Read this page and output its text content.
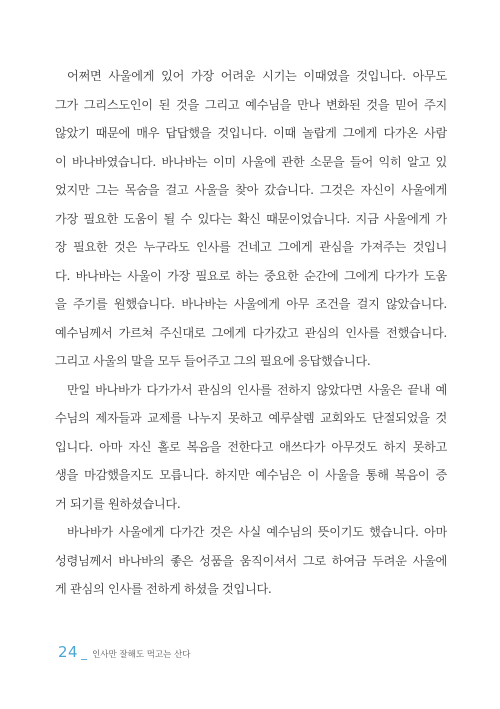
어쩌면 사울에게 있어 가장 어려운 시기는 이때였을 것입니다. 아무도
그가 그리스도인이 된 것을 그리고 예수님을 만나 변화된 것을 믿어 주지
않았기 때문에 매우 답답했을 것입니다. 이때 놀랍게 그에게 다가온 사람
이 바나바였습니다. 바나바는 이미 사울에 관한 소문을 들어 익히 알고 있
었지만 그는 목숨을 걸고 사울을 찾아 갔습니다. 그것은 자신이 사울에게
가장 필요한 도움이 될 수 있다는 확신 때문이었습니다. 지금 사울에게 가
장 필요한 것은 누구라도 인사를 건네고 그에게 관심을 가져주는 것입니
다. 바나바는 사울이 가장 필요로 하는 중요한 순간에 그에게 다가가 도움
을 주기를 원했습니다. 바나바는 사울에게 아무 조건을 걸지 않았습니다.
예수님께서 가르쳐 주신대로 그에게 다가갔고 관심의 인사를 전했습니다.
그리고 사울의 말을 모두 들어주고 그의 필요에 응답했습니다.
만일 바나바가 다가가서 관심의 인사를 전하지 않았다면 사울은 끝내 예
수님의 제자들과 교제를 나누지 못하고 예루살렘 교회와도 단절되었을 것
입니다. 아마 자신 홀로 복음을 전한다고 애쓰다가 아무것도 하지 못하고
생을 마감했을지도 모릅니다. 하지만 예수님은 이 사울을 통해 복음이 증
거 되기를 원하셨습니다.
바나바가 사울에게 다가간 것은 사실 예수님의 뜻이기도 했습니다. 아마
성령님께서 바나바의 좋은 성품을 움직이셔서 그로 하여금 두려운 사울에
게 관심의 인사를 전하게 하셨을 것입니다.
24 _ 인사만 잘해도 먹고는 산다
